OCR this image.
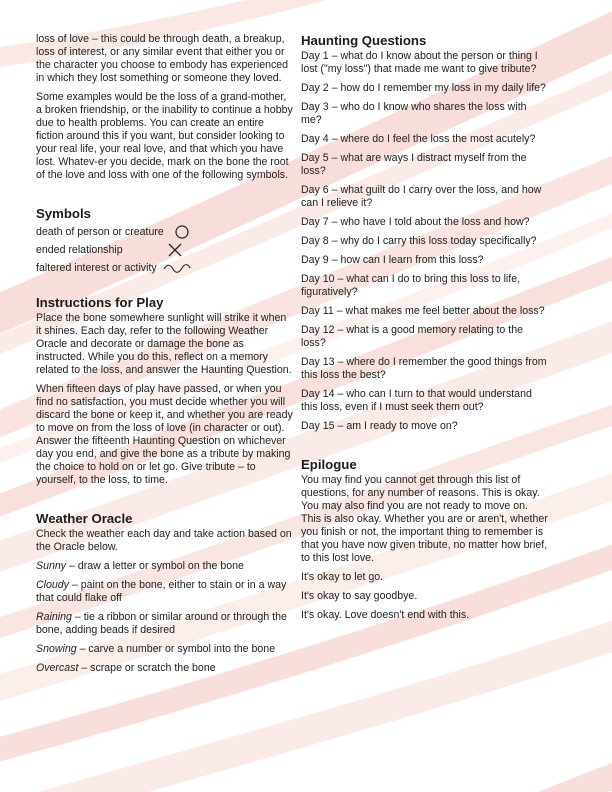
loss of love – this could be through death, a breakup, loss of interest, or any similar event that either you or the character you choose to embody has experienced in which they lost something or someone they loved.

Some examples would be the loss of a grand-mother, a broken friendship, or the inability to continue a hobby due to health problems. You can create an entire fiction around this if you want, but consider looking to your real life, your real love, and that which you have lost. Whatev-er you decide, mark on the bone the root of the love and loss with one of the following symbols.

Symbols
death of person or creature
ended relationship
faltered interest or activity
Instructions for Play

Place the bone somewhere sunlight will strike it when it shines. Each day, refer to the following Weather Oracle and decorate or damage the bone as instructed. While you do this, reflect on a memory related to the loss, and answer the Haunting Question.

When fifteen days of play have passed, or when you find no satisfaction, you must decide whether you will discard the bone or keep it, and whether you are ready to move on from the loss of love (in character or out). Answer the fifteenth Haunting Question on whichever day you end, and give the bone as a tribute by making the choice to hold on or let go. Give tribute – to yourself, to the loss, to time.

Weather Oracle

Check the weather each day and take action based on the Oracle below.

Sunny – draw a letter or symbol on the bone

Cloudy – paint on the bone, either to stain or in a way that could flake off

Raining – tie a ribbon or similar around or through the bone, adding beads if desired

Snowing – carve a number or symbol into the bone

Overcast – scrape or scratch the bone

Haunting Questions

Day 1 – what do I know about the person or thing I lost ("my loss") that made me want to give tribute?

Day 2 – how do I remember my loss in my daily life?

Day 3 – who do I know who shares the loss with me?

Day 4 – where do I feel the loss the most acutely?

Day 5 – what are ways I distract myself from the loss?

Day 6 – what guilt do I carry over the loss, and how can I relieve it?

Day 7 – who have I told about the loss and how?

Day 8 – why do I carry this loss today specifically?

Day 9 – how can I learn from this loss?

Day 10 – what can I do to bring this loss to life, figuratively?

Day 11 – what makes me feel better about the loss?

Day 12 – what is a good memory relating to the loss?

Day 13 – where do I remember the good things from this loss the best?

Day 14 – who can I turn to that would understand this loss, even if I must seek them out?

Day 15 – am I ready to move on?

Epilogue

You may find you cannot get through this list of questions, for any number of reasons. This is okay. You may also find you are not ready to move on. This is also okay. Whether you are or aren't, whether you finish or not, the important thing to remember is that you have now given tribute, no matter how brief, to this lost love.

It's okay to let go.

It's okay to say goodbye.

It's okay. Love doesn't end with this.
